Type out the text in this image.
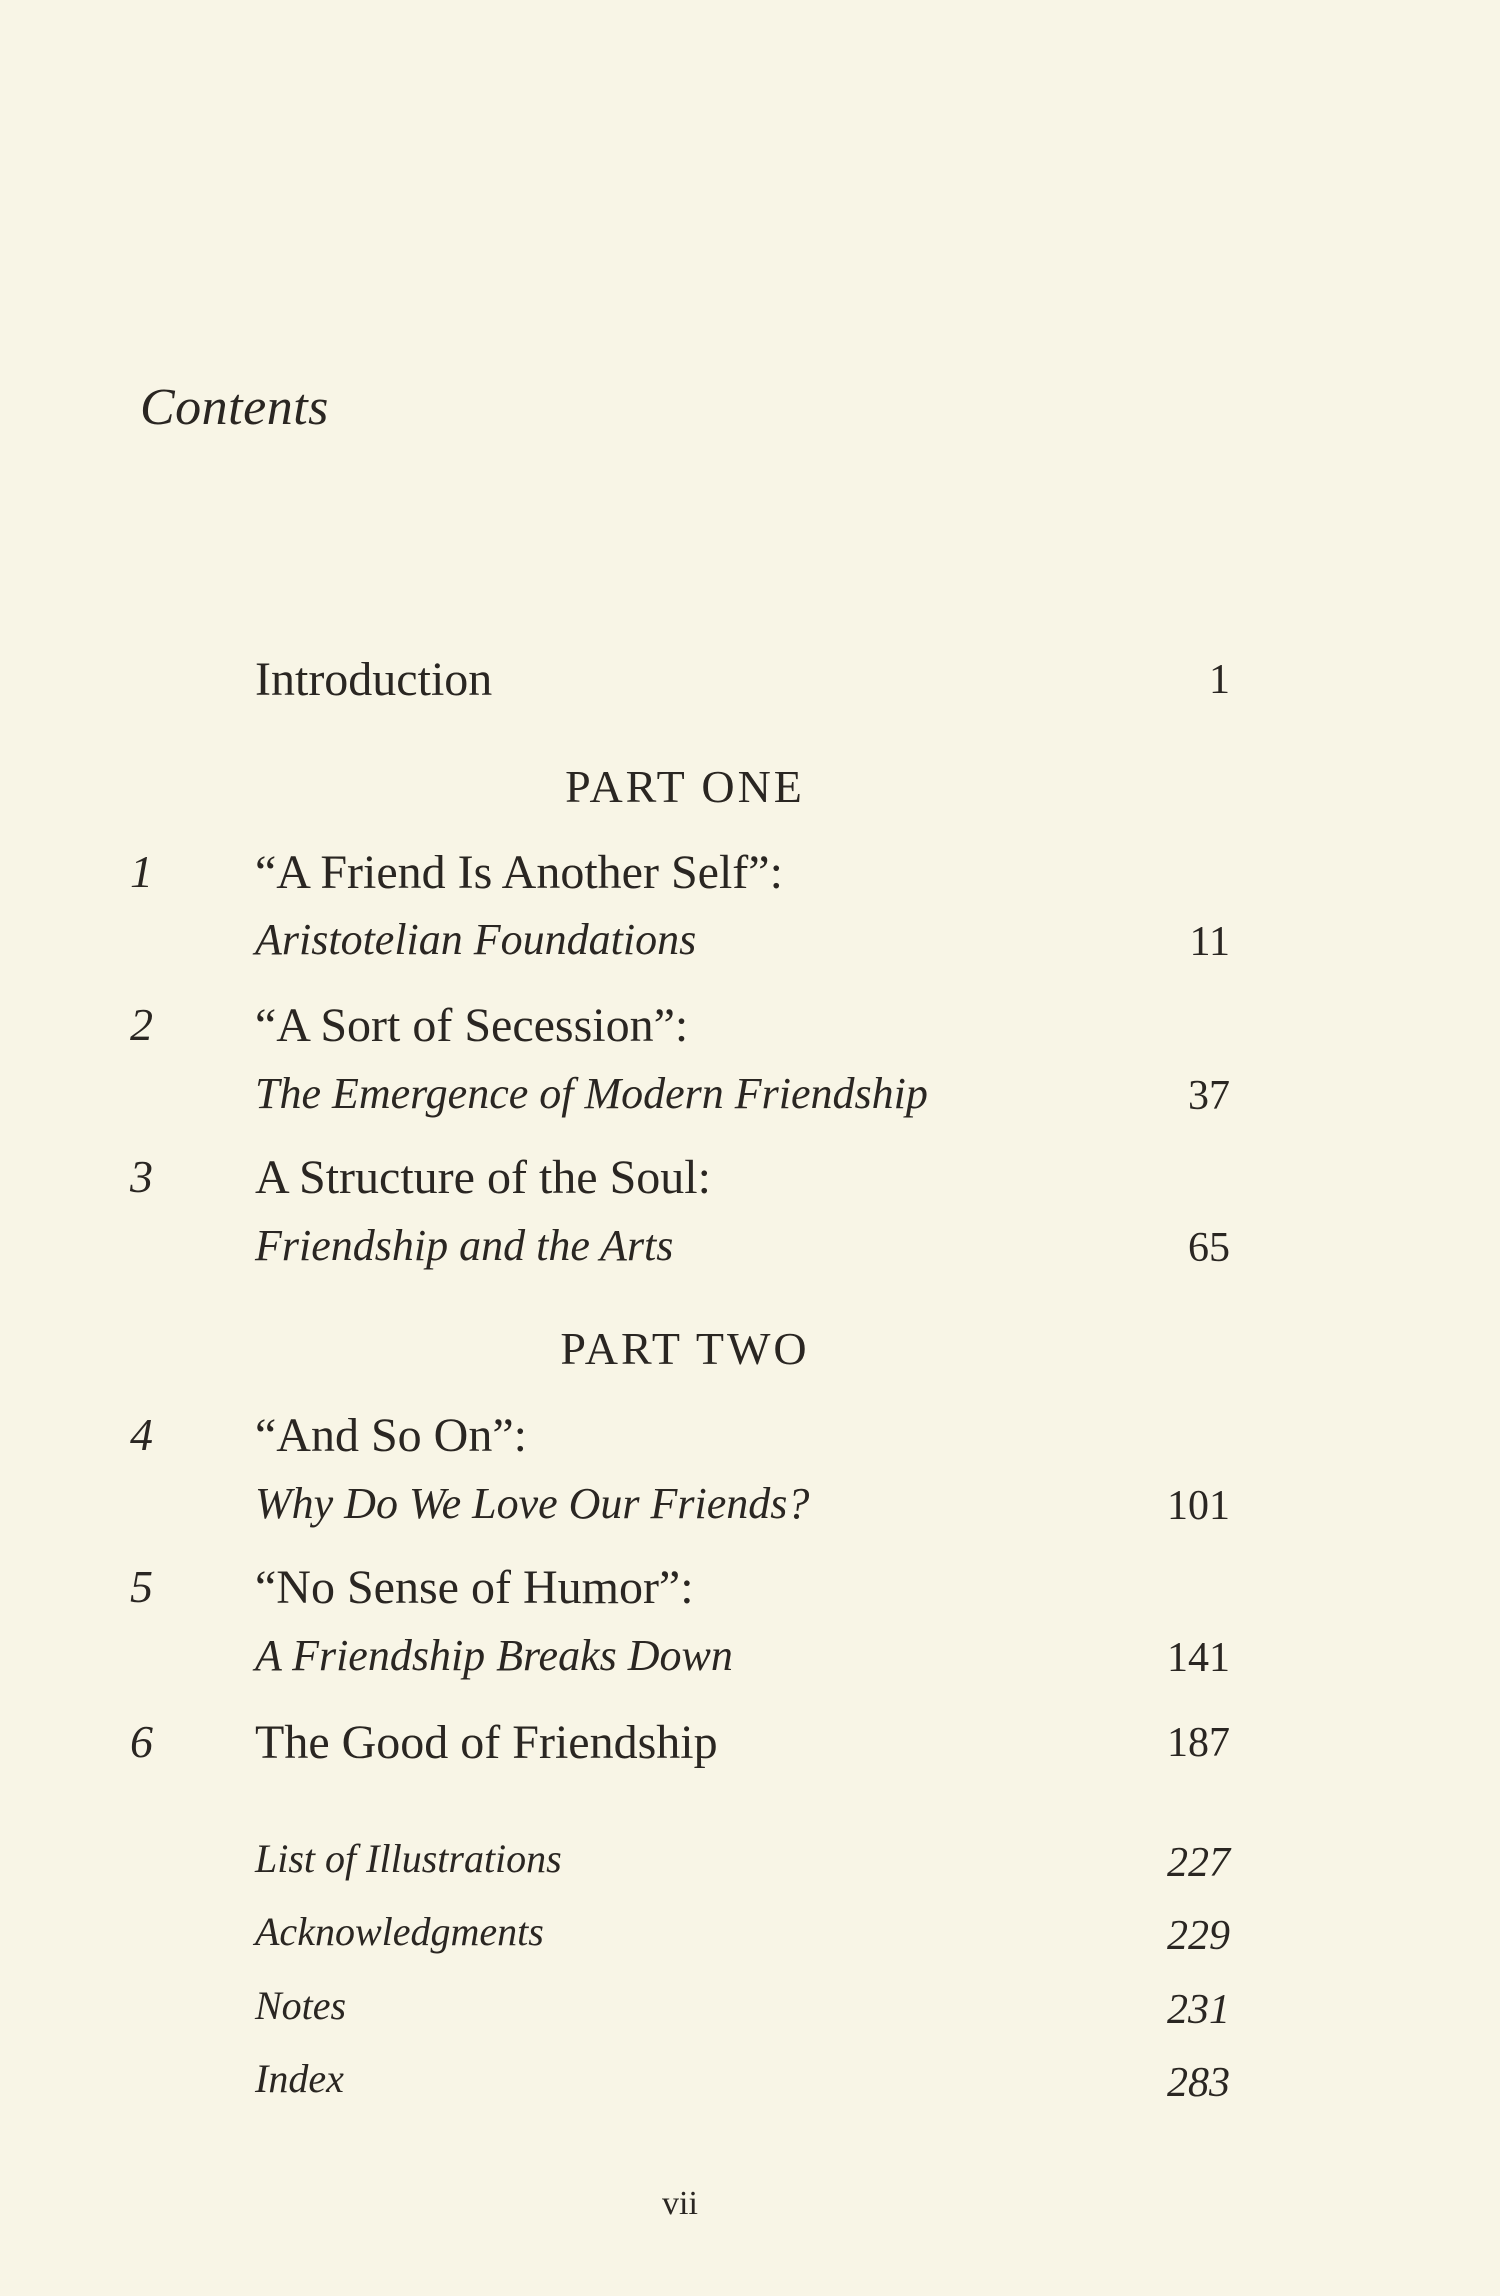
Contents
Introduction	1
PART ONE
1	“A Friend Is Another Self”:
Aristotelian Foundations	11
2	“A Sort of Secession”:
The Emergence of Modern Friendship	37
3	A Structure of the Soul:
Friendship and the Arts	65
PART TWO
4	“And So On”:
Why Do We Love Our Friends?	101
5	“No Sense of Humor”:
A Friendship Breaks Down	141
6	The Good of Friendship	187
List of Illustrations	227
Acknowledgments	229
Notes	231
Index	283
vii
